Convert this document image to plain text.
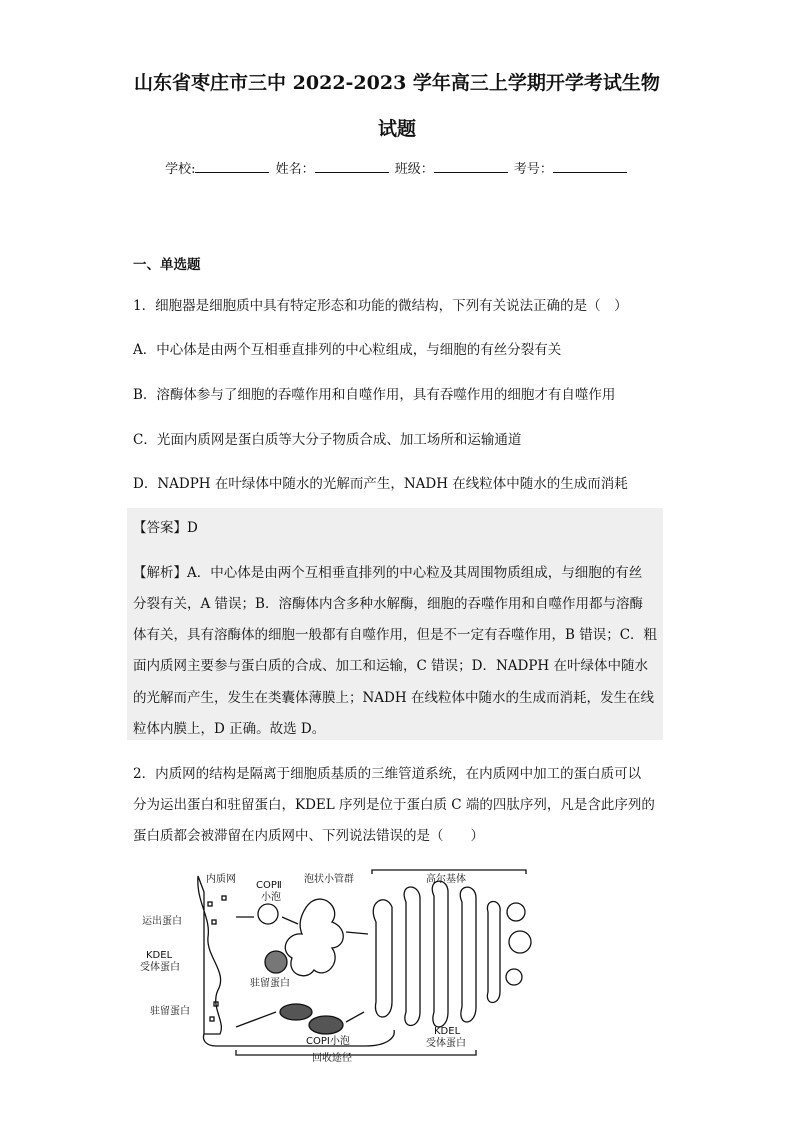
山东省枣庄市三中 2022-2023 学年高三上学期开学考试生物
试题
学校:	姓名：	班级：	考号：
一、单选题
1．细胞器是细胞质中具有特定形态和功能的微结构，下列有关说法正确的是（　）
A．中心体是由两个互相垂直排列的中心粒组成，与细胞的有丝分裂有关
B．溶酶体参与了细胞的吞噬作用和自噬作用，具有吞噬作用的细胞才有自噬作用
C．光面内质网是蛋白质等大分子物质合成、加工场所和运输通道
D．NADPH 在叶绿体中随水的光解而产生，NADH 在线粒体中随水的生成而消耗
【答案】D
【解析】A．中心体是由两个互相垂直排列的中心粒及其周围物质组成，与细胞的有丝
分裂有关，A 错误；B．溶酶体内含多种水解酶，细胞的吞噬作用和自噬作用都与溶酶
体有关，具有溶酶体的细胞一般都有自噬作用，但是不一定有吞噬作用，B 错误；C．粗
面内质网主要参与蛋白质的合成、加工和运输，C 错误；D．NADPH 在叶绿体中随水
的光解而产生，发生在类囊体薄膜上；NADH 在线粒体中随水的生成而消耗，发生在线
粒体内膜上，D 正确。故选 D。
2．内质网的结构是隔离于细胞质基质的三维管道系统，在内质网中加工的蛋白质可以
分为运出蛋白和驻留蛋白，KDEL 序列是位于蛋白质 C 端的四肽序列，凡是含此序列的
蛋白质都会被滞留在内质网中、下列说法错误的是（　　）
内质网
COPⅡ
小泡
泡状小管群	高尔基体
运出蛋白
KDEL
受体蛋白
驻留蛋白
驻留蛋白
COPⅠ小泡
KDEL
受体蛋白
回收途径
